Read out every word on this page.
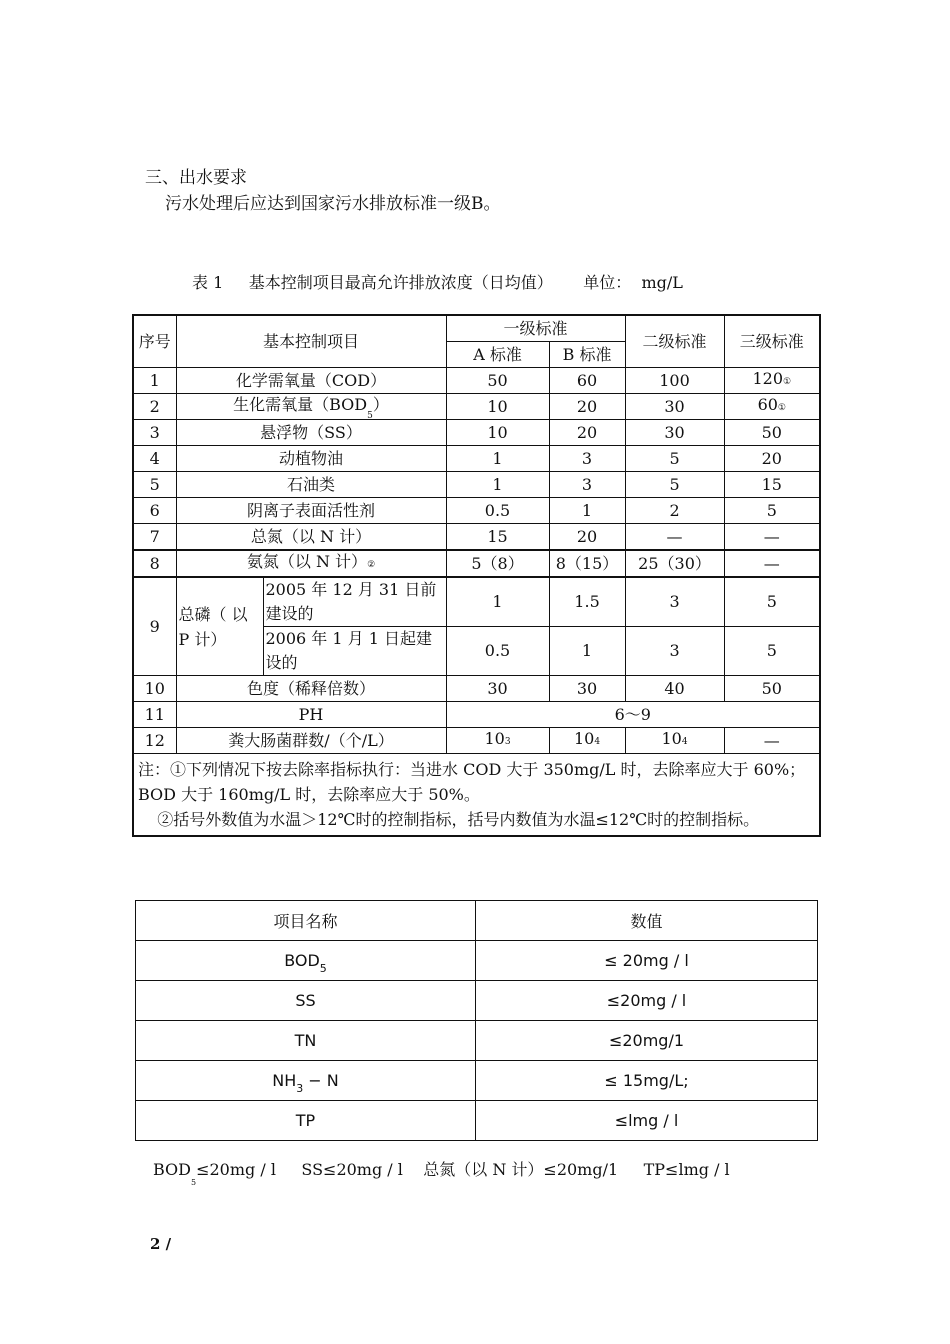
三、出水要求
污水处理后应达到国家污水排放标准一级B。
表 1 基本控制项目最高允许排放浓度（日均值） 单位： mg/L
序号	基本控制项目		一级标准		二级标准	三级标准
			A 标准	B 标准		
1	化学需氧量（COD）		50	60	100	120①
2	生化需氧量$(BOD_5)$		10	20	30	60①
3	悬浮物（SS）		10	20	30	50
4	动植物油		1	3	5	20
5	石油类		1	3	5	15
6	阴离子表面活性剂		0.5	1	2	5
7	总氮（以 N 计）		15	20	—	—
8	氨氮（以 N 计）②		5（8）	8（15）	25（30）	—
9	总磷（ 以 P 计）	2005 年 12 月 31 日前建设的	1	1.5	3	5
		2006 年 1 月 1 日起建设的	0.5	1	3	5
10	色度（稀释倍数）		30	30	40	50
11	PH		6～9			
12	粪大肠菌群数/（个/L）		103	104	104	—

注：①下列情况下按去除率指标执行：当进水 COD 大于 350mg/L 时，去除率应大于 60%；BOD 大于 160mg/L 时，去除率应大于 50%。
②括号外数值为水温＞12℃时的控制指标，括号内数值为水温≤12℃时的控制指标。						
项目名称	数值
$BOD_5$	≤ 20mg / l
SS	≤20mg / l
TN	≤20mg/1
$NH_3 - N$	≤ 15mg/L;
TP	≤lmg / l
$BOD_5\le 20mg / l$ SS≤20mg / l 总氮（以 N 计）≤20mg/1 TP≤lmg / l
2 /
